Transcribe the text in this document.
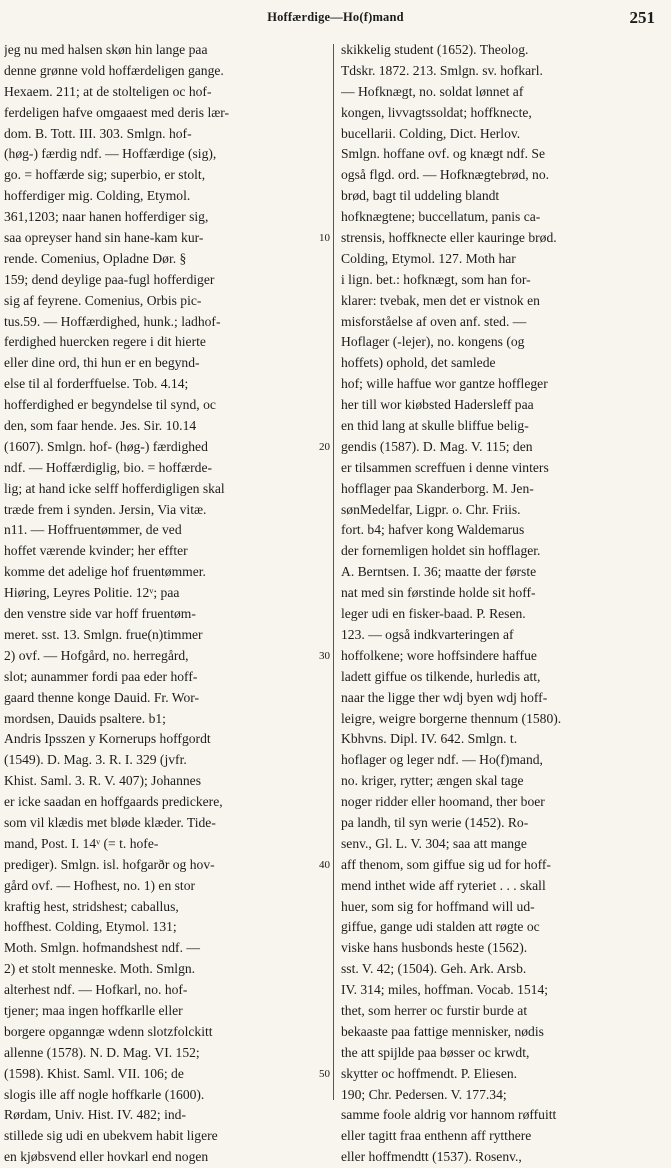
Hoffærdige—Ho(f)mand	251
jeg nu med halsen skøn hin lange paa
denne grønne vold hoffærdeligen gange.
Hexaem. 211; at de stolteligen oc hof-
ferdeligen hafve omgaaest med deris lær-
dom. B. Tott. III. 303. Smlgn. hof-
(høg-) færdig ndf. — Hoffærdige (sig),
go. = hoffærde sig; superbio, er stolt,
hofferdiger mig. Colding, Etymol.
361,1203; naar hanen hofferdiger sig,
saa opreyser hand sin hane-kam kur-
rende. Comenius, Opladne Dør. §
159; dend deylige paa-fugl hofferdiger
sig af feyrene. Comenius, Orbis pic-
tus.59. — Hoffærdighed, hunk.; ladhof-
ferdighed huercken regere i dit hierte
eller dine ord, thi hun er en begynd-
else til al forderffuelse. Tob. 4.14;
hofferdighed er begyndelse til synd, oc
den, som faar hende. Jes. Sir. 10.14
(1607). Smlgn. hof- (høg-) færdighed
ndf. — Hoffærdiglig, bio. = hoffærde-
lig; at hand icke selff hofferdigligen skal
træde frem i synden. Jersin, Via vitæ.
n11. — Hoffruentømmer, de ved
hoffet værende kvinder; her effter
komme det adelige hof fruentømmer.
Hiøring, Leyres Politie. 12ᵛ; paa
den venstre side var hoff fruentøm-
meret. sst. 13. Smlgn. frue(n)timmer
2) ovf. — Hofgård, no. herregård,
slot; aunammer fordi paa eder hoff-
gaard thenne konge Dauid. Fr. Wor-
mordsen, Dauids psaltere. b1;
Andris Ipsszen y Kornerups hoffgordt
(1549). D. Mag. 3. R. I. 329 (jvfr.
Khist. Saml. 3. R. V. 407); Johannes
er icke saadan en hoffgaards predickere,
som vil klædis met bløde klæder. Tide-
mand, Post. I. 14ᵛ (= t. hofe-
prediger). Smlgn. isl. hofgarðr og hov-
gård ovf. — Hofhest, no. 1) en stor
kraftig hest, stridshest; caballus,
hoffhest. Colding, Etymol. 131;
Moth. Smlgn. hofmandshest ndf. —
2) et stolt menneske. Moth. Smlgn.
alterhest ndf. — Hofkarl, no. hof-
tjener; maa ingen hoffkarlle eller
borgere opganngæ wdenn slotzfolckitt
allenne (1578). N. D. Mag. VI. 152;
(1598). Khist. Saml. VII. 106; de
slogis ille aff nogle hoffkarle (1600).
Rørdam, Univ. Hist. IV. 482; ind-
stillede sig udi en ubekvem habit ligere
en kjøbsvend eller hovkarl end nogen
10
20
30
40
50
skikkelig student (1652). Theolog.
Tdskr. 1872. 213. Smlgn. sv. hofkarl.
— Hofknægt, no. soldat lønnet af
kongen, livvagtssoldat; hoffknecte,
bucellarii. Colding, Dict. Herlov.
Smlgn. hoffane ovf. og knægt ndf. Se
også flgd. ord. — Hofknægtebrød, no.
brød, bagt til uddeling blandt
hofknægtene; buccellatum, panis ca-
strensis, hoffknecte eller kauringe brød.
Colding, Etymol. 127. Moth har
i lign. bet.: hofknægt, som han for-
klarer: tvebak, men det er vistnok en
misforståelse af oven anf. sted. —
Hoflager (-lejer), no. kongens (og
hoffets) ophold, det samlede
hof; wille haffue wor gantze hoffleger
her till wor kiøbsted Hadersleff paa
en thid lang at skulle bliffue belig-
gendis (1587). D. Mag. V. 115; den
er tilsammen screffuen i denne vinters
hofflager paa Skanderborg. M. Jen-
sønMedelfar, Ligpr. o. Chr. Friis.
fort. b4; hafver kong Waldemarus
der fornemligen holdet sin hofflager.
A. Berntsen. I. 36; maatte der første
nat med sin førstinde holde sit hoff-
leger udi en fisker-baad. P. Resen.
123. — også indkvarteringen af
hoffolkene; wore hoffsindere haffue
ladett giffue os tilkende, hurledis att,
naar the ligge ther wdj byen wdj hoff-
leigre, weigre borgerne thennum (1580).
Kbhvns. Dipl. IV. 642. Smlgn. t.
hoflager og leger ndf. — Ho(f)mand,
no. kriger, rytter; ængen skal tage
noger ridder eller hoomand, ther boer
pa landh, til syn werie (1452). Ro-
senv., Gl. L. V. 304; saa att mange
aff thenom, som giffue sig ud for hoff-
mend inthet wide aff ryteriet . . . skall
huer, som sig for hoffmand will ud-
giffue, gange udi stalden att røgte oc
viske hans husbonds heste (1562).
sst. V. 42; (1504). Geh. Ark. Arsb.
IV. 314; miles, hoffman. Vocab. 1514;
thet, som herrer oc furstir burde at
bekaaste paa fattige mennisker, nødis
the att spijlde paa bøsser oc krwdt,
skytter oc hoffmendt. P. Eliesen.
190; Chr. Pedersen. V. 177.34;
samme foole aldrig vor hannom røffuitt
eller tagitt fraa enthenn aff rytthere
eller hoffmendtt (1537). Rosenv.,
